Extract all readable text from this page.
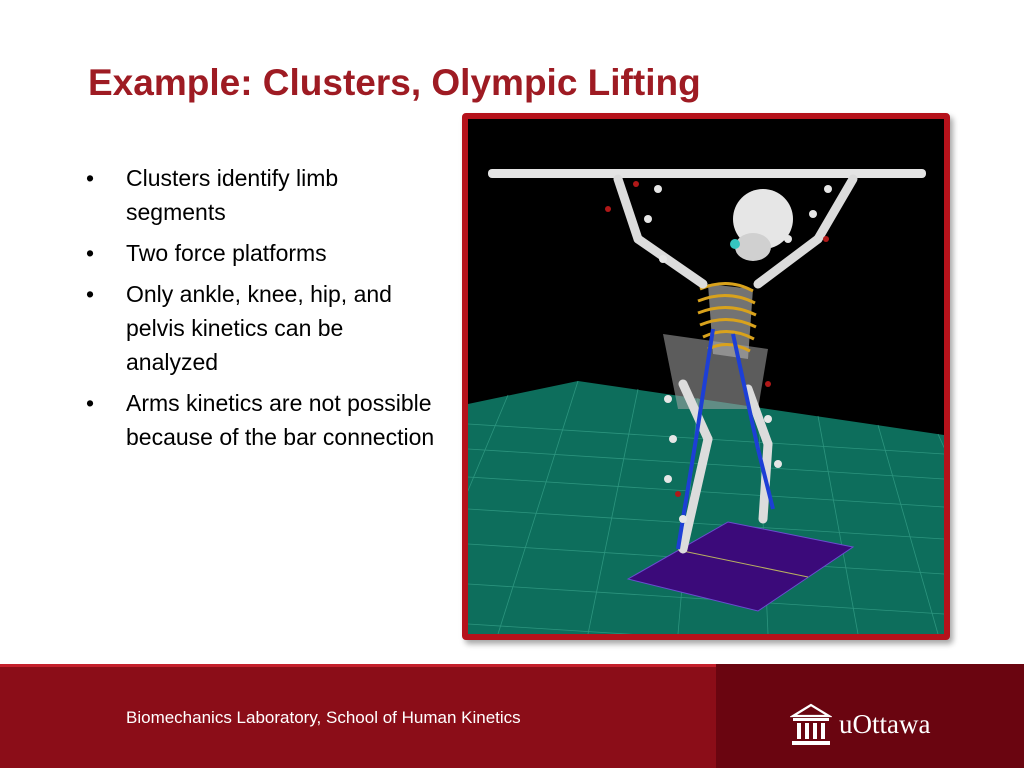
Example: Clusters, Olympic Lifting
• Clusters identify limb segments
• Two force platforms
• Only ankle, knee, hip, and pelvis kinetics can be analyzed
• Arms kinetics are not possible because of the bar connection
Biomechanics Laboratory, School of Human Kinetics	uOttawa
